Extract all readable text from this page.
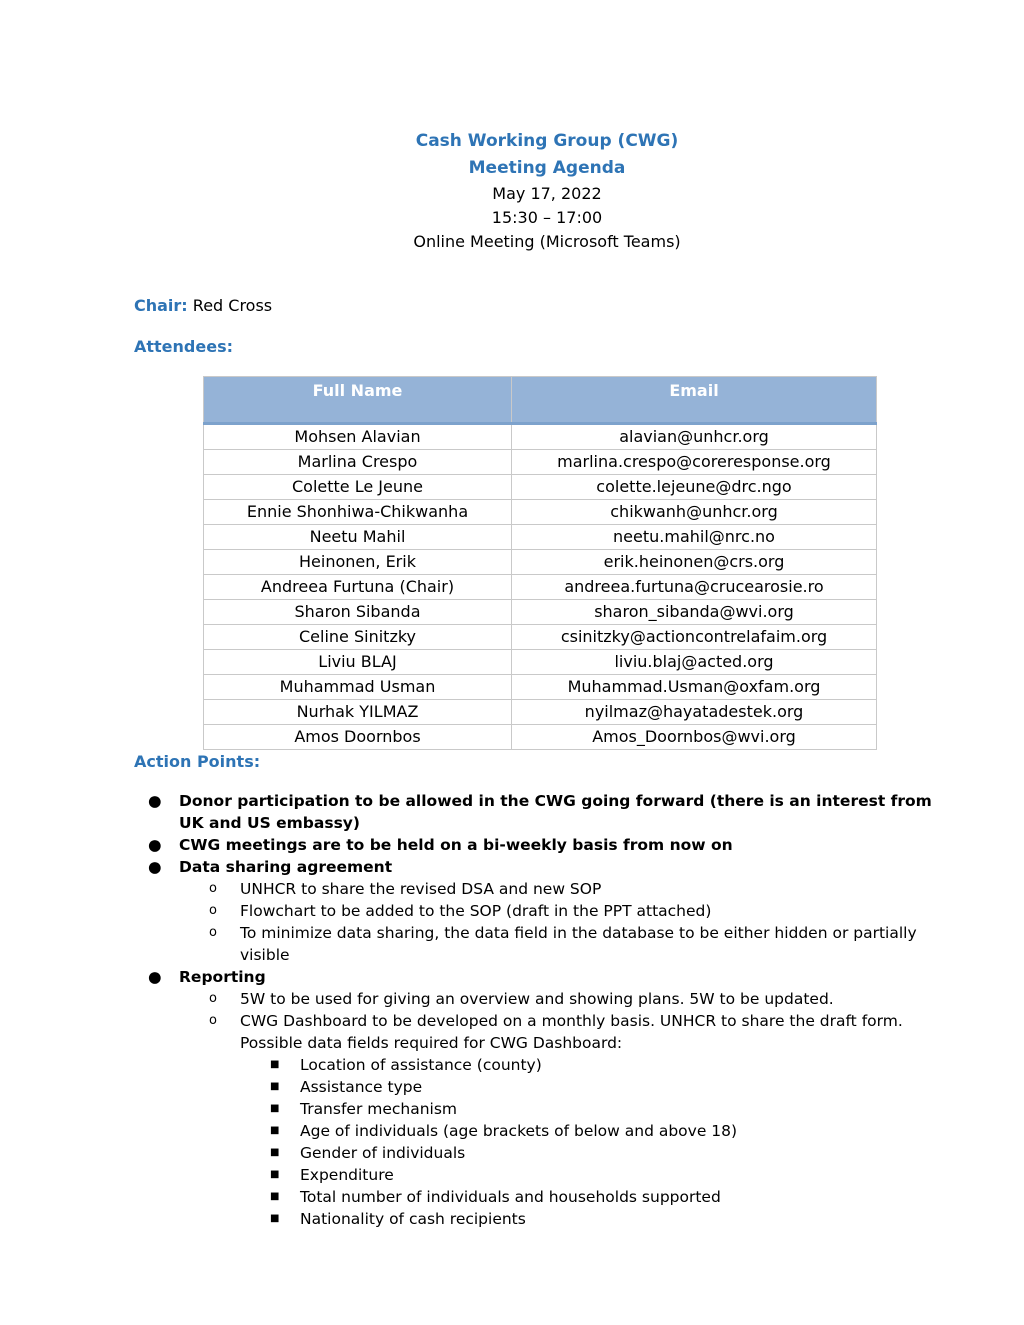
Cash Working Group (CWG)
Meeting Agenda
May 17, 2022
15:30 – 17:00
Online Meeting (Microsoft Teams)
Chair: Red Cross
Attendees:
Full Name	Email
Mohsen Alavian	alavian@unhcr.org
Marlina Crespo	marlina.crespo@coreresponse.org
Colette Le Jeune	colette.lejeune@drc.ngo
Ennie Shonhiwa-Chikwanha	chikwanh@unhcr.org
Neetu Mahil	neetu.mahil@nrc.no
Heinonen, Erik	erik.heinonen@crs.org
Andreea Furtuna (Chair)	andreea.furtuna@crucearosie.ro
Sharon Sibanda	sharon_sibanda@wvi.org
Celine Sinitzky	csinitzky@actioncontrelafaim.org
Liviu BLAJ	liviu.blaj@acted.org
Muhammad Usman	Muhammad.Usman@oxfam.org
Nurhak YILMAZ	nyilmaz@hayatadestek.org
Amos Doornbos	Amos_Doornbos@wvi.org
Action Points:
● Donor participation to be allowed in the CWG going forward (there is an interest from UK and US embassy)
● CWG meetings are to be held on a bi-weekly basis from now on
● Data sharing agreement
o UNHCR to share the revised DSA and new SOP
o Flowchart to be added to the SOP (draft in the PPT attached)
o To minimize data sharing, the data field in the database to be either hidden or partially visible
● Reporting
o 5W to be used for giving an overview and showing plans. 5W to be updated.
o CWG Dashboard to be developed on a monthly basis. UNHCR to share the draft form. Possible data fields required for CWG Dashboard:
■ Location of assistance (county)
■ Assistance type
■ Transfer mechanism
■ Age of individuals (age brackets of below and above 18)
■ Gender of individuals
■ Expenditure
■ Total number of individuals and households supported
■ Nationality of cash recipients
